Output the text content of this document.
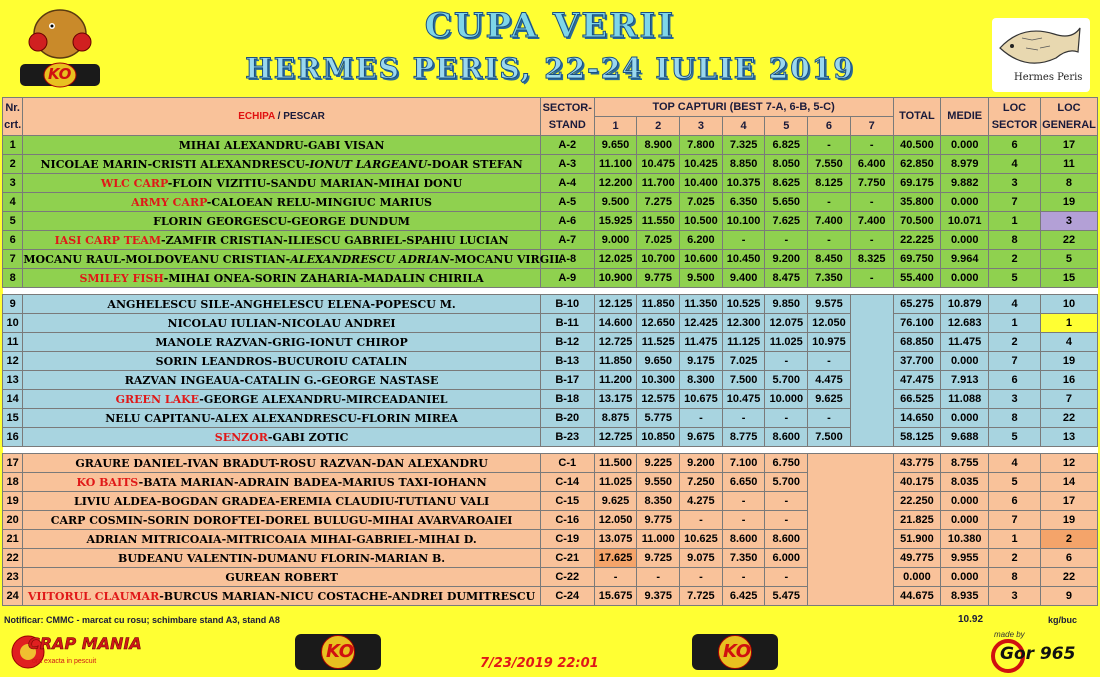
KO
CUPA VERII
HERMES PERIS, 22-24 IULIE 2019	Hermes Peris
Nr. crt.	ECHIPA / PESCAR	SECTOR-STAND	TOP CAPTURI (BEST 7-A, 6-B, 5-C)							TOTAL	MEDIE	LOC SECTOR	LOC GENERAL
			1	2	3	4	5	6	7				
1	MIHAI ALEXANDRU-GABI VISAN	A-2	9.650	8.900	7.800	7.325	6.825	-	-	40.500	0.000	6	17
2	NICOLAE MARIN-CRISTI ALEXANDRESCU-IONUT LARGEANU-DOAR STEFAN	A-3	11.100	10.475	10.425	8.850	8.050	7.550	6.400	62.850	8.979	4	11
3	WLC CARP-FLOIN VIZITIU-SANDU MARIAN-MIHAI DONU	A-4	12.200	11.700	10.400	10.375	8.625	8.125	7.750	69.175	9.882	3	8
4	ARMY CARP-CALOEAN RELU-MINGIUC MARIUS	A-5	9.500	7.275	7.025	6.350	5.650	-	-	35.800	0.000	7	19
5	FLORIN GEORGESCU-GEORGE DUNDUM	A-6	15.925	11.550	10.500	10.100	7.625	7.400	7.400	70.500	10.071	1	3
6	IASI CARP TEAM-ZAMFIR CRISTIAN-ILIESCU GABRIEL-SPAHIU LUCIAN	A-7	9.000	7.025	6.200	-	-	-	-	22.225	0.000	8	22
7	MOCANU RAUL-MOLDOVEANU CRISTIAN-ALEXANDRESCU ADRIAN-MOCANU VIRGIL	A-8	12.025	10.700	10.600	10.450	9.200	8.450	8.325	69.750	9.964	2	5
8	SMILEY FISH-MIHAI ONEA-SORIN ZAHARIA-MADALIN CHIRILA	A-9	10.900	9.775	9.500	9.400	8.475	7.350	-	55.400	0.000	5	15

9	ANGHELESCU SILE-ANGHELESCU ELENA-POPESCU M.	B-10	12.125	11.850	11.350	10.525	9.850	9.575		65.275	10.879	4	10
10	NICOLAU IULIAN-NICOLAU ANDREI	B-11	14.600	12.650	12.425	12.300	12.075	12.050		76.100	12.683	1	1
11	MANOLE RAZVAN-GRIG-IONUT CHIROP	B-12	12.725	11.525	11.475	11.125	11.025	10.975		68.850	11.475	2	4
12	SORIN LEANDROS-BUCUROIU CATALIN	B-13	11.850	9.650	9.175	7.025	-	-		37.700	0.000	7	19
13	RAZVAN INGEAUA-CATALIN G.-GEORGE NASTASE	B-17	11.200	10.300	8.300	7.500	5.700	4.475		47.475	7.913	6	16
14	GREEN LAKE-GEORGE ALEXANDRU-MIRCEADANIEL	B-18	13.175	12.575	10.675	10.475	10.000	9.625		66.525	11.088	3	7
15	NELU CAPITANU-ALEX ALEXANDRESCU-FLORIN MIREA	B-20	8.875	5.775	-	-	-	-		14.650	0.000	8	22
16	SENZOR-GABI ZOTIC	B-23	12.725	10.850	9.675	8.775	8.600	7.500		58.125	9.688	5	13

17	GRAURE DANIEL-IVAN BRADUT-ROSU RAZVAN-DAN ALEXANDRU	C-1	11.500	9.225	9.200	7.100	6.750			43.775	8.755	4	12
18	KO BAITS-BATA MARIAN-ADRAIN BADEA-MARIUS TAXI-IOHANN	C-14	11.025	9.550	7.250	6.650	5.700			40.175	8.035	5	14
19	LIVIU ALDEA-BOGDAN GRADEA-EREMIA CLAUDIU-TUTIANU VALI	C-15	9.625	8.350	4.275	-	-			22.250	0.000	6	17
20	CARP COSMIN-SORIN DOROFTEI-DOREL BULUGU-MIHAI AVARVAROAIEI	C-16	12.050	9.775	-	-	-			21.825	0.000	7	19
21	ADRIAN MITRICOAIA-MITRICOAIA MIHAI-GABRIEL-MIHAI D.	C-19	13.075	11.000	10.625	8.600	8.600			51.900	10.380	1	2
22	BUDEANU VALENTIN-DUMANU FLORIN-MARIAN B.	C-21	17.625	9.725	9.075	7.350	6.000			49.775	9.955	2	6
23	GUREAN ROBERT	C-22	-	-	-	-	-			0.000	0.000	8	22
24	VIITORUL CLAUMAR-BURCUS MARIAN-NICU COSTACHE-ANDREI DUMITRESCU	C-24	15.675	9.375	7.725	6.425	5.475			44.675	8.935	3	9
Notificar: CMMC - marcat cu rosu; schimbare stand A3, stand A8	10.92	kg/buc
CRAP MANIA
ora exacta in pescuit	KO
7/23/2019 22:01
KO
made by
Gor 965
